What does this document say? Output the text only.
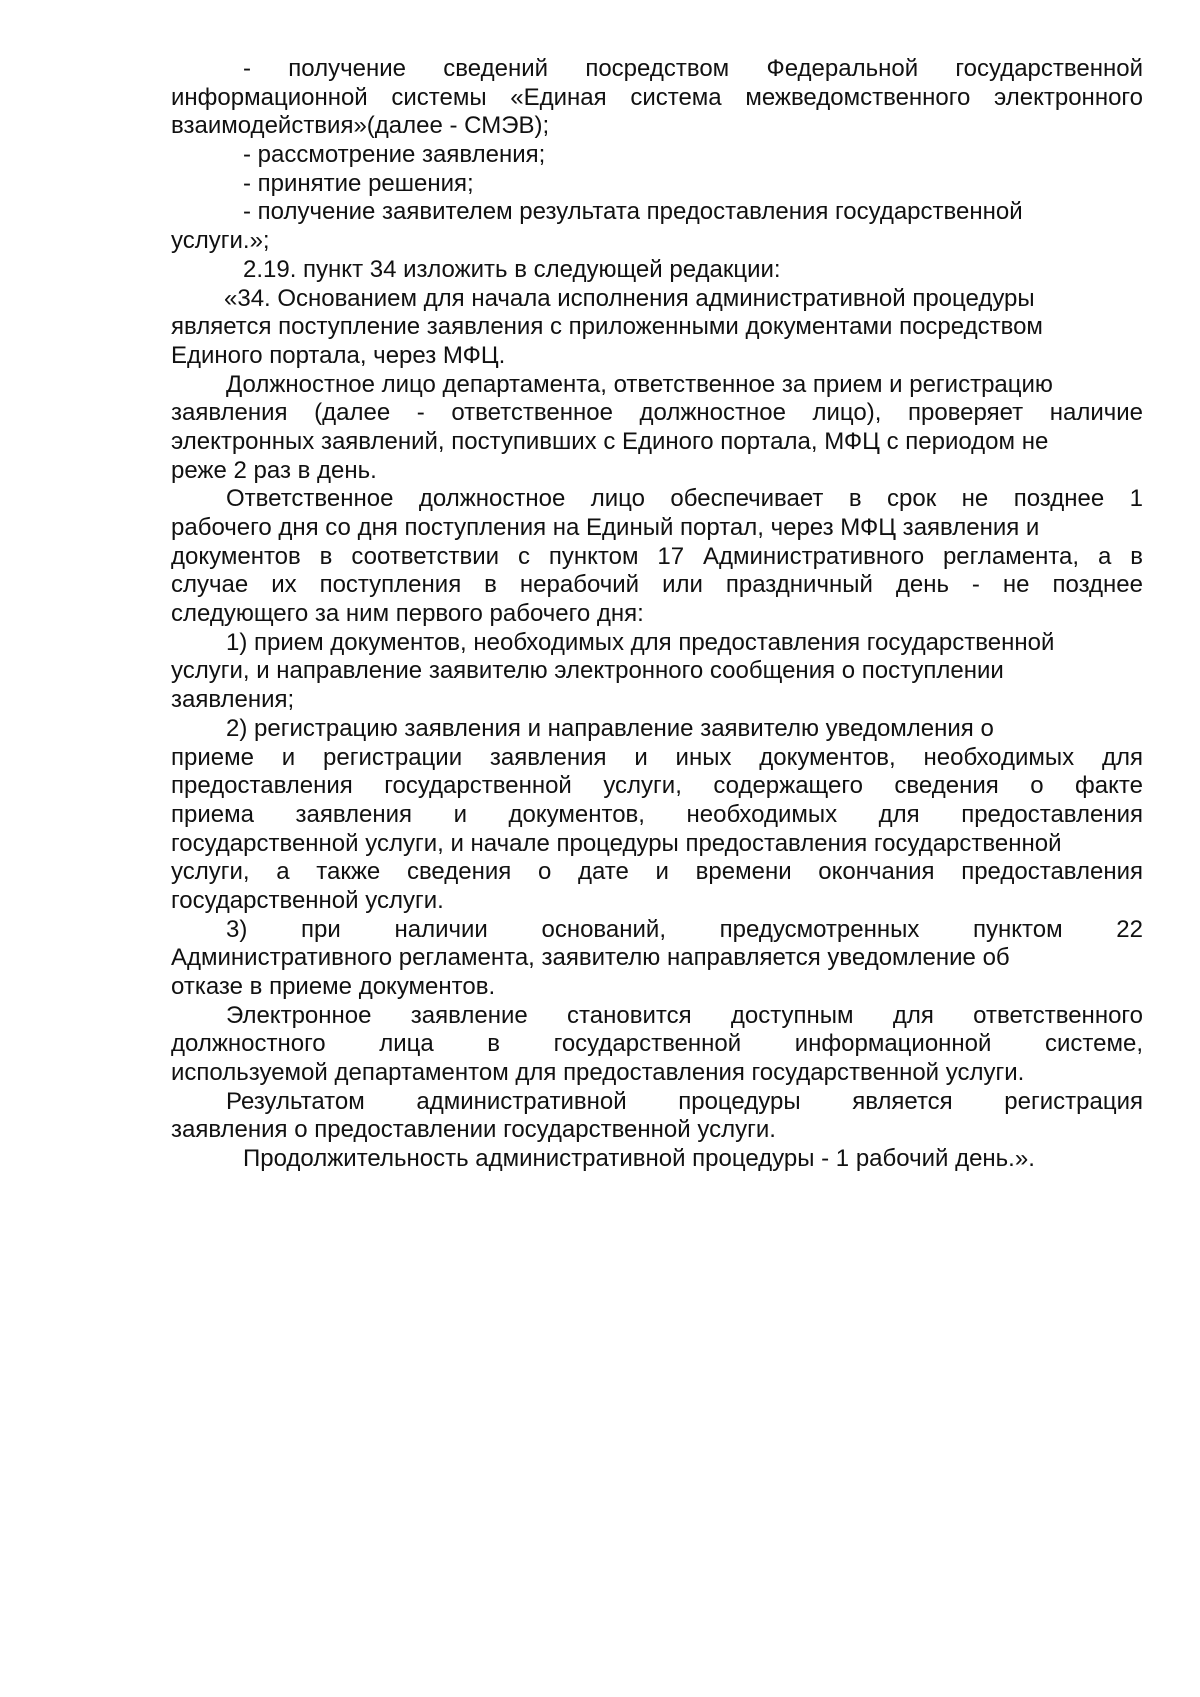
- получение сведений посредством Федеральной государственной
информационной системы «Единая система межведомственного электронного
взаимодействия»(далее - СМЭВ);
- рассмотрение заявления;
- принятие решения;
- получение заявителем результата предоставления государственной
услуги.»;
2.19. пункт 34 изложить в следующей редакции:
«34. Основанием для начала исполнения административной процедуры
является поступление заявления с приложенными документами посредством
Единого портала, через МФЦ.
Должностное лицо департамента, ответственное за прием и регистрацию
заявления (далее - ответственное должностное лицо), проверяет наличие
электронных заявлений, поступивших с Единого портала, МФЦ с периодом не
реже 2 раз в день.
Ответственное должностное лицо обеспечивает в срок не позднее 1
рабочего дня со дня поступления на Единый портал, через МФЦ заявления и
документов в соответствии с пунктом 17 Административного регламента, а в
случае их поступления в нерабочий или праздничный день - не позднее
следующего за ним первого рабочего дня:
1) прием документов, необходимых для предоставления государственной
услуги, и направление заявителю электронного сообщения о поступлении
заявления;
2) регистрацию заявления и направление заявителю уведомления о
приеме и регистрации заявления и иных документов, необходимых для
предоставления государственной услуги, содержащего сведения о факте
приема заявления и документов, необходимых для предоставления
государственной услуги, и начале процедуры предоставления государственной
услуги, а также сведения о дате и времени окончания предоставления
государственной услуги.
3) при наличии оснований, предусмотренных пунктом 22
Административного регламента, заявителю направляется уведомление об
отказе в приеме документов.
Электронное заявление становится доступным для ответственного
должностного лица в государственной информационной системе,
используемой департаментом для предоставления государственной услуги.
Результатом административной процедуры является регистрация
заявления о предоставлении государственной услуги.
Продолжительность административной процедуры - 1 рабочий день.».
